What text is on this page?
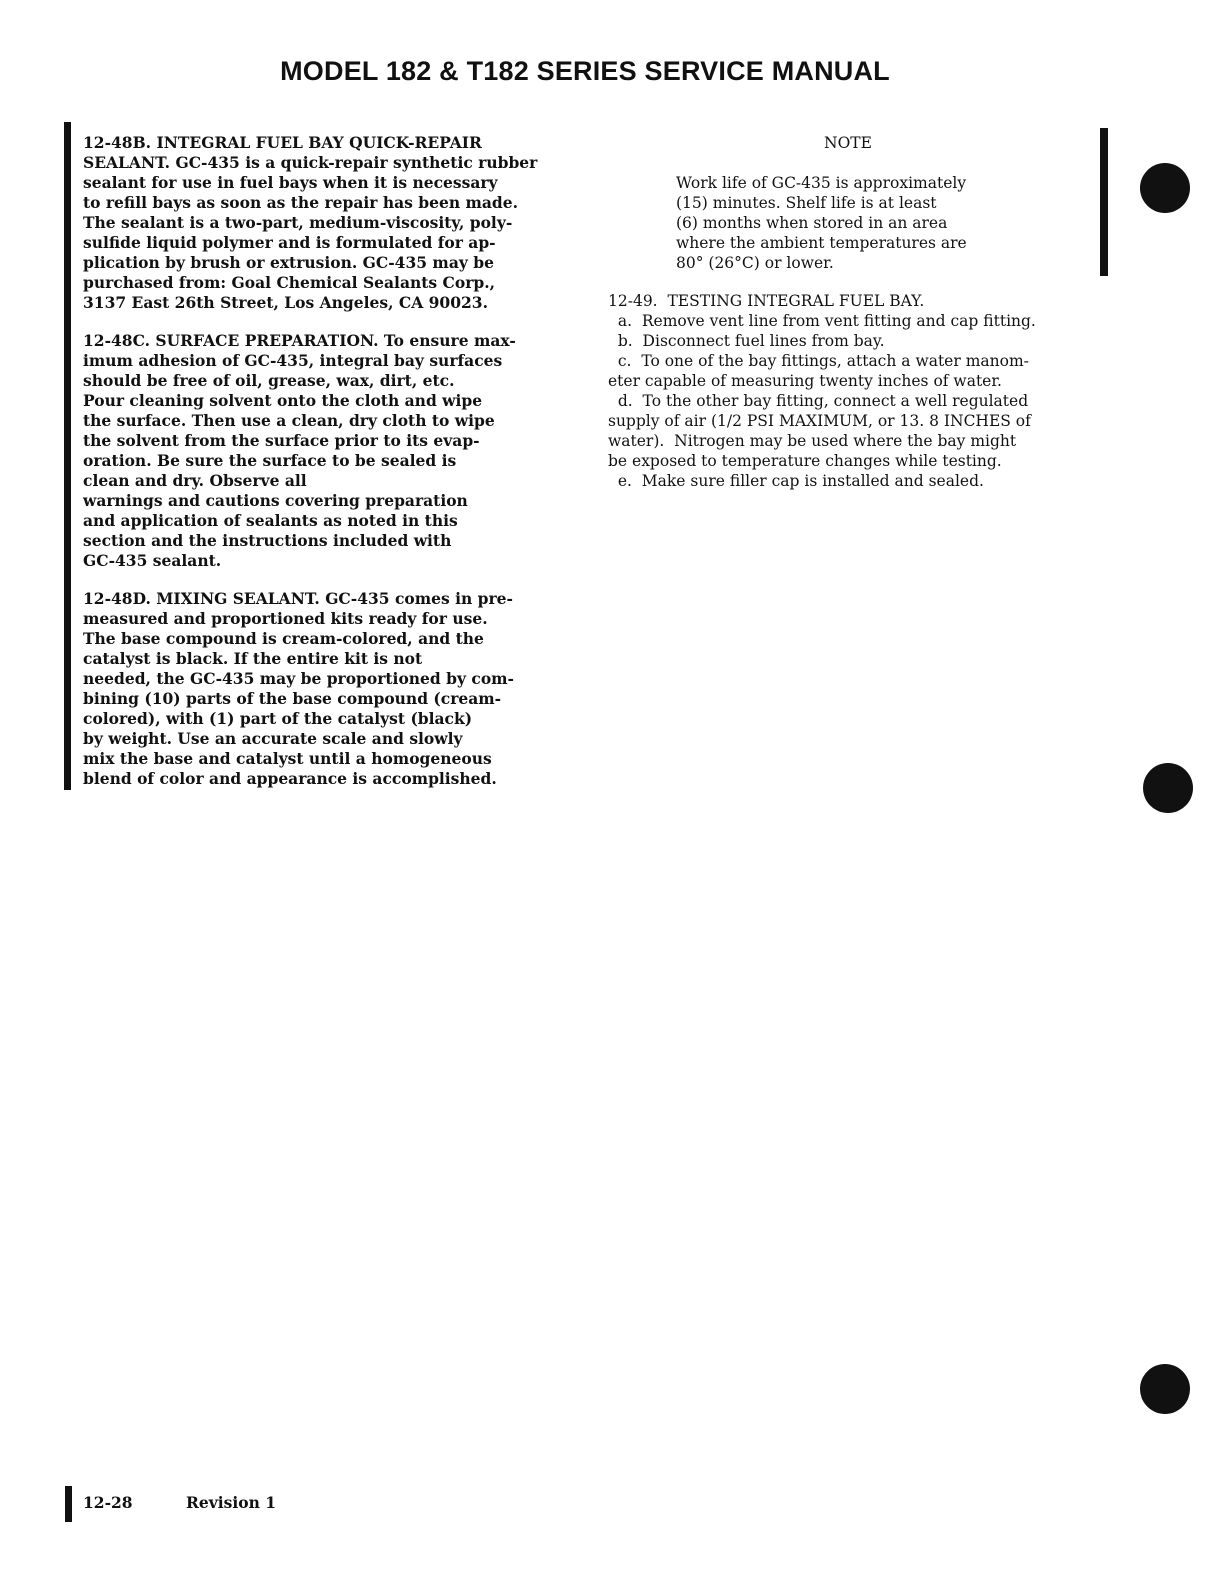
MODEL 182 & T182 SERIES SERVICE MANUAL

12-48B. INTEGRAL FUEL BAY QUICK-REPAIR

SEALANT. GC-435 is a quick-repair synthetic rubber

sealant for use in fuel bays when it is necessary

to refill bays as soon as the repair has been made.

The sealant is a two-part, medium-viscosity, poly-

sulfide liquid polymer and is formulated for ap-

plication by brush or extrusion. GC-435 may be

purchased from: Goal Chemical Sealants Corp.,

3137 East 26th Street, Los Angeles, CA 90023.

12-48C. SURFACE PREPARATION. To ensure max-

imum adhesion of GC-435, integral bay surfaces

should be free of oil, grease, wax, dirt, etc.

Pour cleaning solvent onto the cloth and wipe

the surface. Then use a clean, dry cloth to wipe

the solvent from the surface prior to its evap-

oration. Be sure the surface to be sealed is

clean and dry. Observe all

warnings and cautions covering preparation

and application of sealants as noted in this

section and the instructions included with

GC-435 sealant.

12-48D. MIXING SEALANT. GC-435 comes in pre-

measured and proportioned kits ready for use.

The base compound is cream-colored, and the

catalyst is black. If the entire kit is not

needed, the GC-435 may be proportioned by com-

bining (10) parts of the base compound (cream-

colored), with (1) part of the catalyst (black)

by weight. Use an accurate scale and slowly

mix the base and catalyst until a homogeneous

blend of color and appearance is accomplished.

NOTE

Work life of GC-435 is approximately

(15) minutes. Shelf life is at least

(6) months when stored in an area

where the ambient temperatures are

80° (26°C) or lower.

12-49.  TESTING INTEGRAL FUEL BAY.

a.  Remove vent line from vent fitting and cap fitting.

b.  Disconnect fuel lines from bay.

c.  To one of the bay fittings, attach a water manom-

eter capable of measuring twenty inches of water.

d.  To the other bay fitting, connect a well regulated

supply of air (1/2 PSI MAXIMUM, or 13. 8 INCHES of

water).  Nitrogen may be used where the bay might

be exposed to temperature changes while testing.

e.  Make sure filler cap is installed and sealed.

12-28	Revision 1
